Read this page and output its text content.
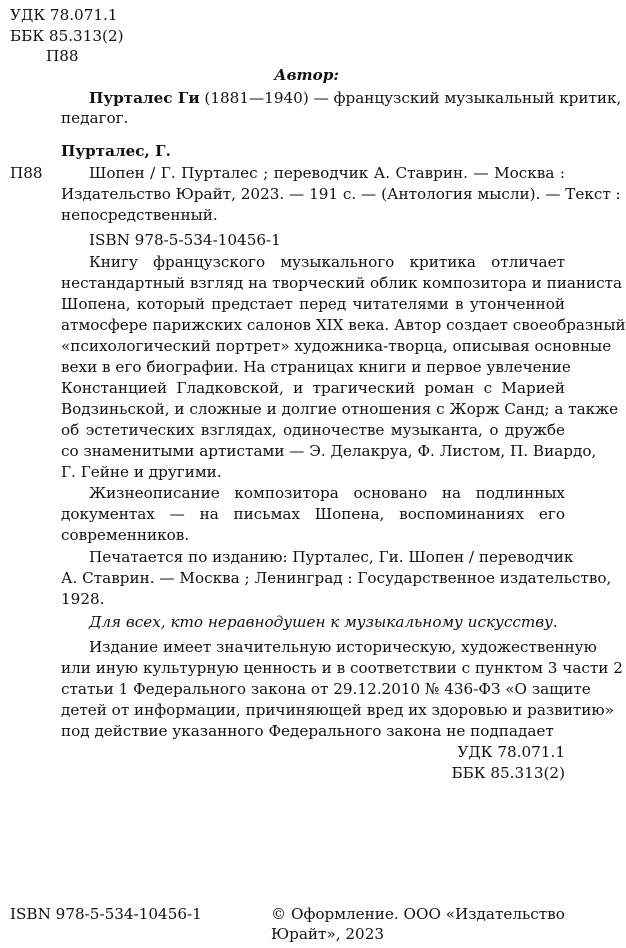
УДК 78.071.1
ББК 85.313(2)
П88
Автор:
Пурталес Ги (1881—1940) — французский музыкальный критик,
педагог.
Пурталес, Г.
П88	Шопен / Г. Пурталес ; переводчик А. Ставрин. — Москва :
Издательство Юрайт, 2023. — 191 с. — (Антология мысли). — Текст :
непосредственный.
ISBN 978-5-534-10456-1
Книгу французского музыкального критика отличает
нестандартный взгляд на творческий облик композитора и пианиста
Шопена, который предстает перед читателями в утонченной
атмосфере парижских салонов XIX века. Автор создает своеобразный
«психологический портрет» художника-творца, описывая основные
вехи в его биографии. На страницах книги и первое увлечение
Констанцией Гладковской, и трагический роман с Марией
Водзиньской, и сложные и долгие отношения с Жорж Санд; а также
об эстетических взглядах, одиночестве музыканта, о дружбе
со знаменитыми артистами — Э. Делакруа, Ф. Листом, П. Виардо,
Г. Гейне и другими.
Жизнеописание композитора основано на подлинных
документах — на письмах Шопена, воспоминаниях его
современников.
Печатается по изданию: Пурталес, Ги. Шопен / переводчик
А. Ставрин. — Москва ; Ленинград : Государственное издательство,
1928.
Для всех, кто неравнодушен к музыкальному искусству.
Издание имеет значительную историческую, художественную
или иную культурную ценность и в соответствии с пунктом 3 части 2
статьи 1 Федерального закона от 29.12.2010 № 436-ФЗ «О защите
детей от информации, причиняющей вред их здоровью и развитию»
под действие указанного Федерального закона не подпадает
УДК 78.071.1
ББК 85.313(2)
ISBN 978-5-534-10456-1	© Оформление. ООО «Издательство
Юрайт», 2023
